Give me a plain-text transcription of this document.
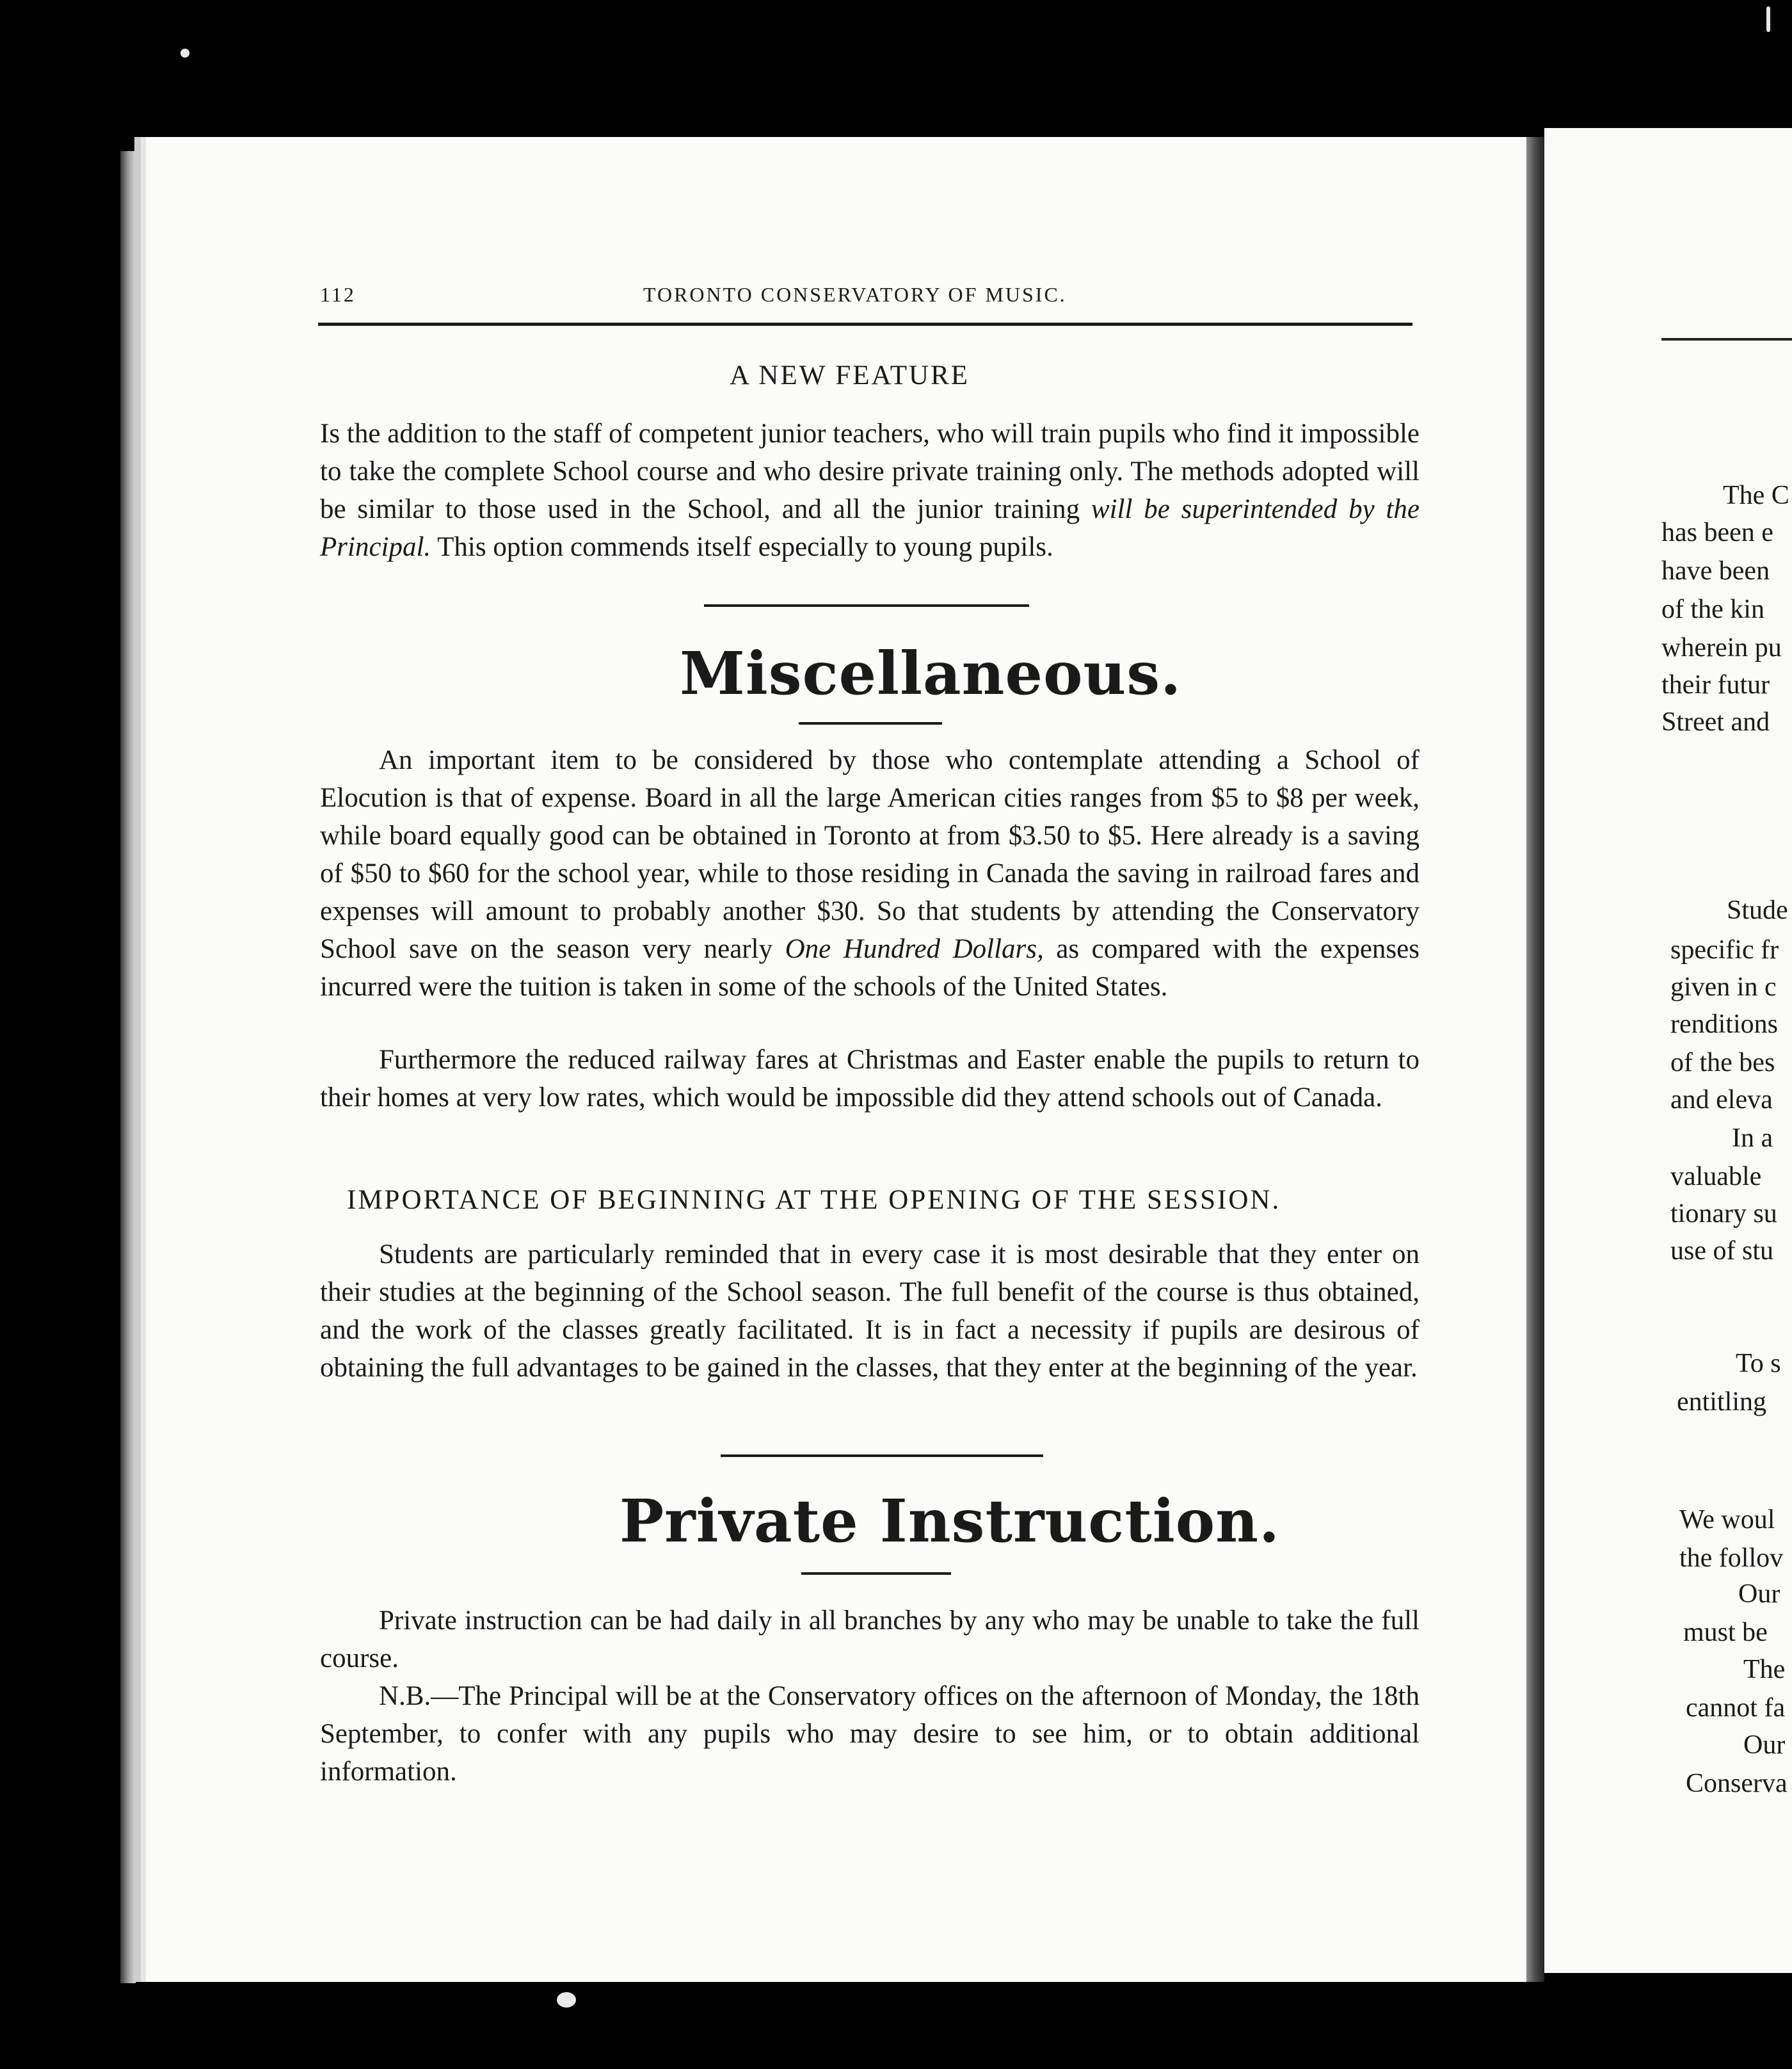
112	TORONTO CONSERVATORY OF MUSIC.
A NEW FEATURE
Is the addition to the staff of competent junior teachers, who will train pupils who find it impossible to take the complete School course and who desire private training only. The methods adopted will be similar to those used in the School, and all the junior training will be superintended by the Principal. This option commends itself especially to young pupils.
Miscellaneous.
An important item to be considered by those who contemplate attending a School of Elocution is that of expense. Board in all the large American cities ranges from $5 to $8 per week, while board equally good can be obtained in Toronto at from $3.50 to $5. Here already is a saving of $50 to $60 for the school year, while to those residing in Canada the saving in railroad fares and expenses will amount to probably another $30. So that students by attending the Conservatory School save on the season very nearly One Hundred Dollars, as compared with the expenses incurred were the tuition is taken in some of the schools of the United States.
Furthermore the reduced railway fares at Christmas and Easter enable the pupils to return to their homes at very low rates, which would be impossible did they attend schools out of Canada.
IMPORTANCE OF BEGINNING AT THE OPENING OF THE SESSION.
Students are particularly reminded that in every case it is most desirable that they enter on their studies at the beginning of the School season. The full benefit of the course is thus obtained, and the work of the classes greatly facilitated. It is in fact a necessity if pupils are desirous of obtaining the full advantages to be gained in the classes, that they enter at the beginning of the year.
Private Instruction.
Private instruction can be had daily in all branches by any who may be unable to take the full course.
N.B.—The Principal will be at the Conservatory offices on the afternoon of Monday, the 18th September, to confer with any pupils who may desire to see him, or to obtain additional information.
The C
has been e
have been
of the kin
wherein pu
their futur
Street and
Stude
specific fr
given in c
renditions
of the bes
and eleva
In a
valuable
tionary su
use of stu
To s
entitling
We woul
the follov
Our
must be
The
cannot fa
Our
Conserva
